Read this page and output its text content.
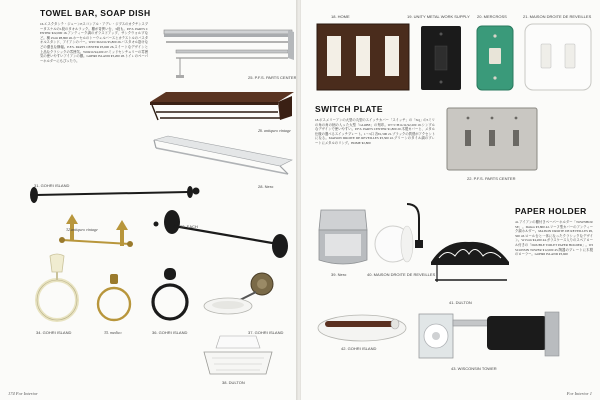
TOWEL BAR, SOAP DISH
16.エスクタンテ・ジェーンEスコンアル・アデレ・ジプスのカクチンスプータスナルの1段のタオルラック。棚が奇異い台、3段も。P.F.S. PARTS CENTER ¥22,000 16.アンティーク調のガラスドアップ、サンクウォルプなど。横 25cm ¥8,800 26.ホーセルのトーウェルバースとカテストルのバスタオルスタンド、アイアンのバー。W45×D22cm ¥5,800 26.バスタオル掛けなどの優良な横幅。P.F.S. PARTS CENTER ¥3,600 26.スイートなデザインと上品なクラシックの雰囲気。W60cm ¥4,200 27.ミッドセンチュリーの雰囲気の使いやすいアイアンの棚。GOHRI ISLAND ¥3,200 28.トイレのペーパーホルダーにもぴったり。
25. P.F.S. PARTS CENTER
26. antiqueo vintage
28. Nero
31. GOHRI ISLAND
32.antiqueo vintage
33. EACH
34. GOHRI ISLAND	35. medico	36. GOHRI ISLAND	37. GOHRI ISLAND
38. DULTON
174 For Interior
18. HOME	19. UNITY METAL WORK SUPPLY 20. MERCROSS	21. MAISON DROITE DE REVEILLES
SWITCH PLATE
18.ボスメリーアンの大型の丸型のスイッチカバー「スイッチ」の「SQ」の5ミリの角の角の柄の入った大型「GLOBE」の刻印。W7.5×H11cm ¥2,200 19.シンプルなデザインで使いやすい。P.F.S. PARTS CENTER ¥1,800 20.木製カバーと、メタル仕様の選べるスイッチプレート。1〜3口 各¥1,500 21.ブラックの質感がアクセントになる。MAISON DROITE DE REVEILLES ¥3,500 22.グリーンのタイル調のプレートにメタルのリング。HOME ¥2,800
22. P.F.S. PARTS CENTER
39. Nero	40. MAISON DROITE DE REVEILLES
41. DULTON
42. GOHRI ISLAND
43. WISCONSIN TOWER
PAPER HOLDER
41.アイアンの棚付きペーパーホルダー「TOWNHOUSE」。Dulton ¥3,800 42.リーフ型カバーのアンティーク調ホルダー。MAISON DROITE DE REVEILLES ¥6,500 43.ロール台と一体になったクラシックなデザイン。W15cm ¥4,200 44.ガラスケース入りのスペアロール付きの「DOUBLE TOILET PAPER HOLDER」。WISCONSIN TOWER ¥12,000 45.陶器のプレートに木製のローラー。GOHRI ISLAND ¥3,600
For Interior 1
